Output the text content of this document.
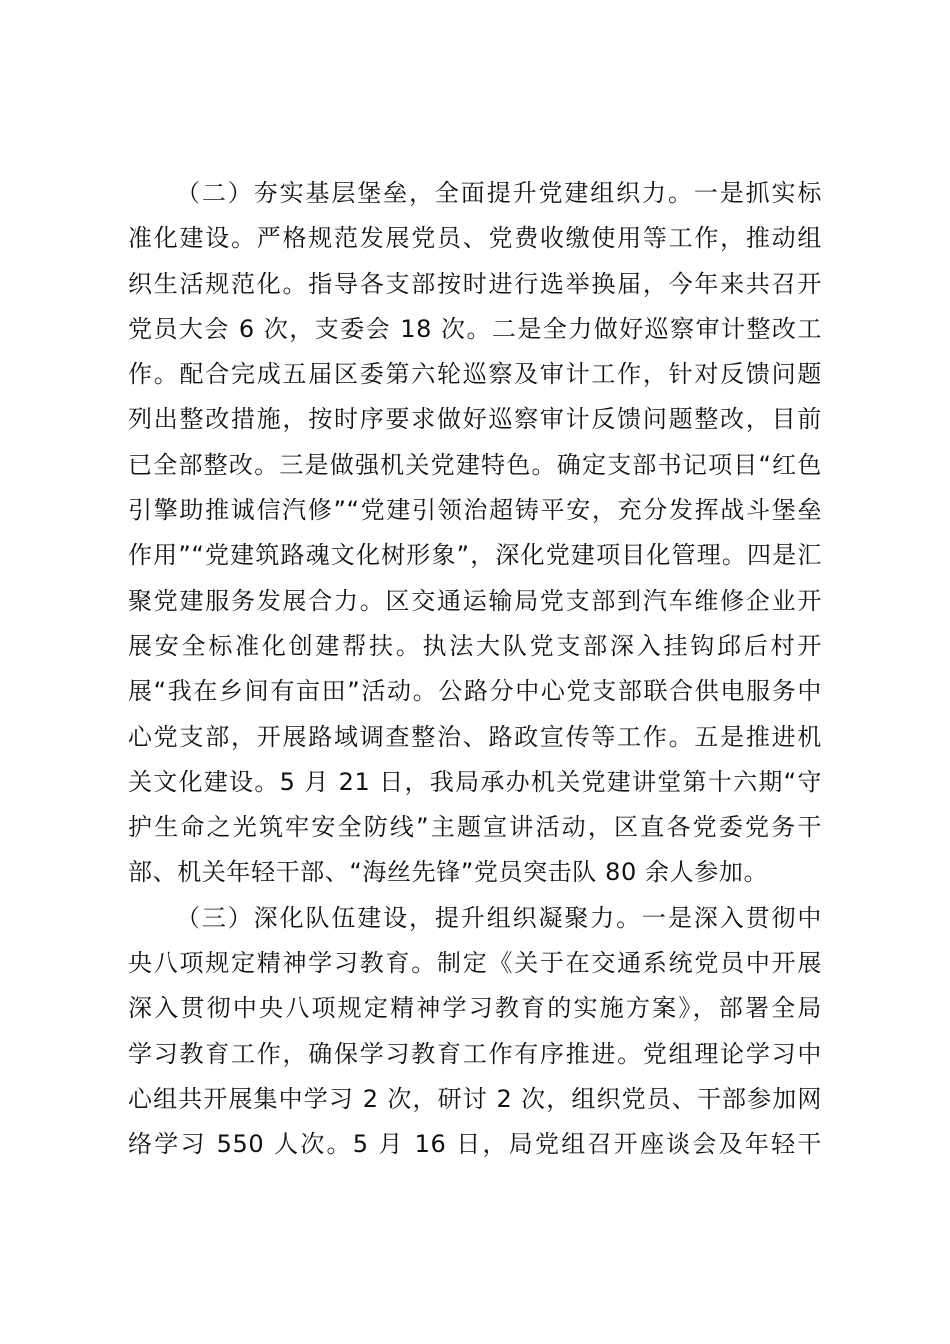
（二）夯实基层堡垒，全面提升党建组织力。一是抓实标
准化建设。严格规范发展党员、党费收缴使用等工作，推动组
织生活规范化。指导各支部按时进行选举换届，今年来共召开
党员大会 6 次，支委会 18 次。二是全力做好巡察审计整改工
作。配合完成五届区委第六轮巡察及审计工作，针对反馈问题
列出整改措施，按时序要求做好巡察审计反馈问题整改，目前
已全部整改。三是做强机关党建特色。确定支部书记项目“红色
引擎助推诚信汽修”“党建引领治超铸平安，充分发挥战斗堡垒
作用”“党建筑路魂文化树形象”，深化党建项目化管理。四是汇
聚党建服务发展合力。区交通运输局党支部到汽车维修企业开
展安全标准化创建帮扶。执法大队党支部深入挂钩邱后村开
展“我在乡间有亩田”活动。公路分中心党支部联合供电服务中
心党支部，开展路域调查整治、路政宣传等工作。五是推进机
关文化建设。5 月 21 日，我局承办机关党建讲堂第十六期“守
护生命之光筑牢安全防线”主题宣讲活动，区直各党委党务干
部、机关年轻干部、“海丝先锋”党员突击队 80 余人参加。
（三）深化队伍建设，提升组织凝聚力。一是深入贯彻中
央八项规定精神学习教育。制定《关于在交通系统党员中开展
深入贯彻中央八项规定精神学习教育的实施方案》，部署全局
学习教育工作，确保学习教育工作有序推进。党组理论学习中
心组共开展集中学习 2 次，研讨 2 次，组织党员、干部参加网
络学习 550 人次。5 月 16 日，局党组召开座谈会及年轻干
